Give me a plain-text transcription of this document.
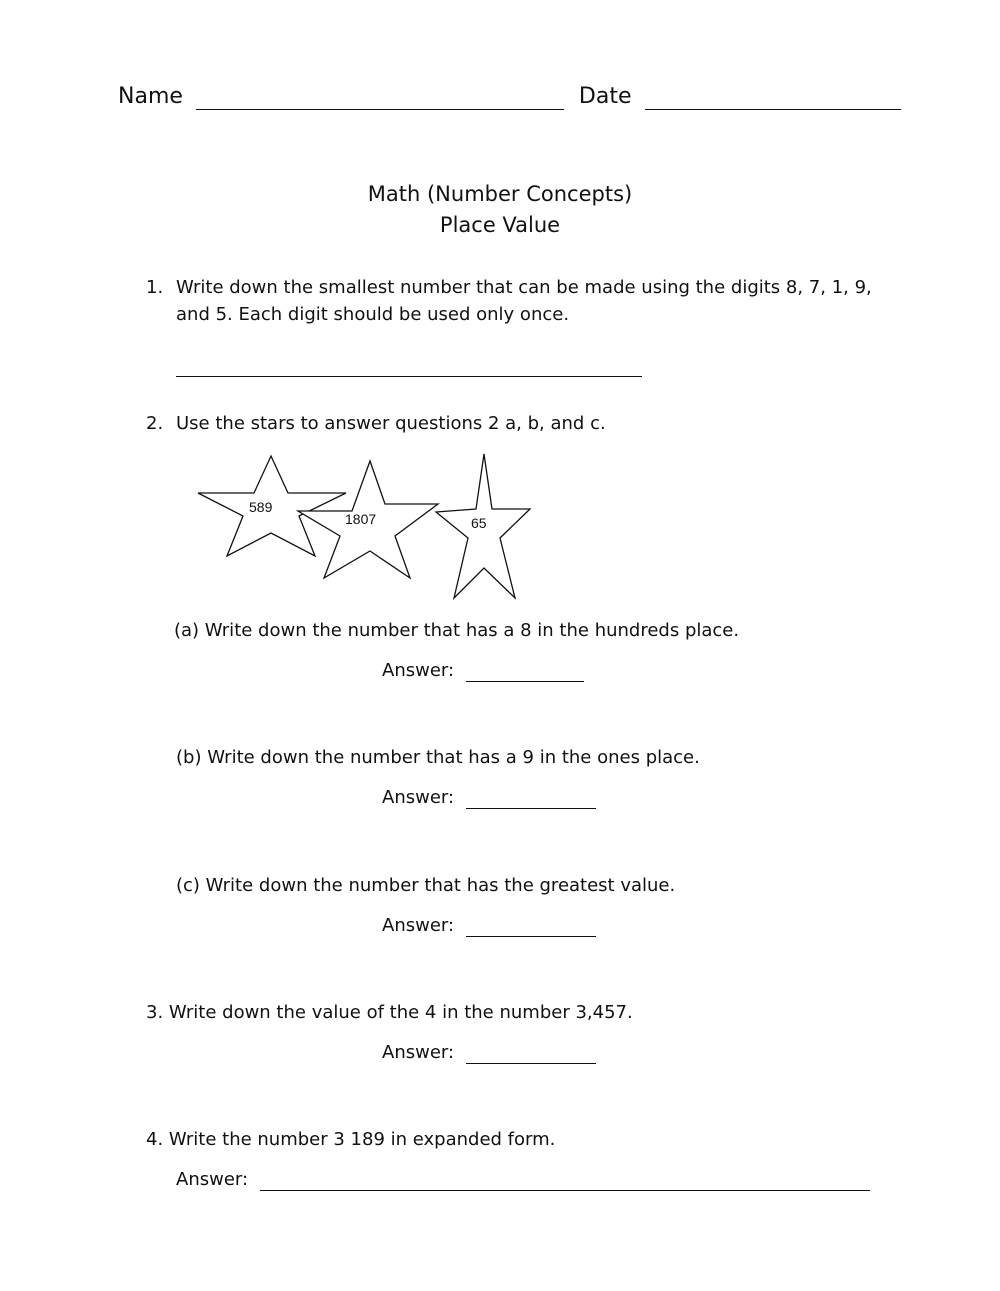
Name	Date
Math (Number Concepts)
Place Value
1. Write down the smallest number that can be made using the digits 8, 7, 1, 9,
and 5. Each digit should be used only once.
2. Use the stars to answer questions 2 a, b, and c.
589
1807	65
(a) Write down the number that has a 8 in the hundreds place.
Answer:
(b) Write down the number that has a 9 in the ones place.
Answer:
(c) Write down the number that has the greatest value.
Answer:
3. Write down the value of the 4 in the number 3,457.
Answer:
4. Write the number 3 189 in expanded form.
Answer:
